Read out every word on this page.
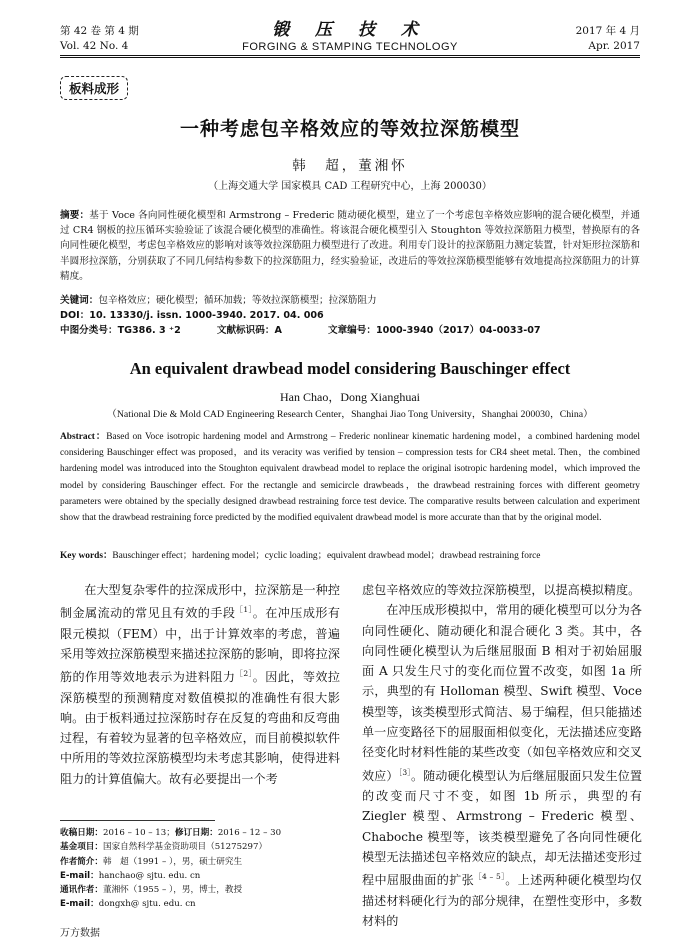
第 42 卷 第 4 期
Vol. 42 No. 4
锻 压 技 术
FORGING & STAMPING TECHNOLOGY
2017 年 4 月
Apr. 2017
板料成形
一种考虑包辛格效应的等效拉深筋模型
韩　超，董湘怀
（上海交通大学 国家模具 CAD 工程研究中心，上海 200030）
摘要：基于 Voce 各向同性硬化模型和 Armstrong – Frederic 随动硬化模型，建立了一个考虑包辛格效应影响的混合硬化模型，并通过 CR4 钢板的拉压循环实验验证了该混合硬化模型的准确性。将该混合硬化模型引入 Stoughton 等效拉深筋阻力模型，替换原有的各向同性硬化模型，考虑包辛格效应的影响对该等效拉深筋阻力模型进行了改进。利用专门设计的拉深筋阻力测定装置，针对矩形拉深筋和半圆形拉深筋，分别获取了不同几何结构参数下的拉深筋阻力，经实验验证，改进后的等效拉深筋模型能够有效地提高拉深筋阻力的计算精度。
关键词：包辛格效应；硬化模型；循环加载；等效拉深筋模型；拉深筋阻力
DOI：10. 13330/j. issn. 1000-3940. 2017. 04. 006
中图分类号：TG386. 3 ⁺2	文献标识码：A	文章编号：1000-3940（2017）04-0033-07
An equivalent drawbead model considering Bauschinger effect
Han Chao，Dong Xianghuai
（National Die & Mold CAD Engineering Research Center，Shanghai Jiao Tong University，Shanghai 200030，China）
Abstract：Based on Voce isotropic hardening model and Armstrong – Frederic nonlinear kinematic hardening model，a combined hardening model considering Bauschinger effect was proposed，and its veracity was verified by tension – compression tests for CR4 sheet metal. Then，the combined hardening model was introduced into the Stoughton equivalent drawbead model to replace the original isotropic hardening model，which improved the model by considering Bauschinger effect. For the rectangle and semicircle drawbeads，the drawbead restraining forces with different geometry parameters were obtained by the specially designed drawbead restraining force test device. The comparative results between calculation and experiment show that the drawbead restraining force predicted by the modified equivalent drawbead model is more accurate than that by the original model.
Key words：Bauschinger effect；hardening model；cyclic loading；equivalent drawbead model；drawbead restraining force

在大型复杂零件的拉深成形中，拉深筋是一种控制金属流动的常见且有效的手段$^{[1]}$。在冲压成形有限元模拟（FEM）中，出于计算效率的考虑，普遍采用等效拉深筋模型来描述拉深筋的影响，即将拉深筋的作用等效地表示为进料阻力$^{[2]}$。因此，等效拉深筋模型的预测精度对数值模拟的准确性有很大影响。由于板料通过拉深筋时存在反复的弯曲和反弯曲过程，有着较为显著的包辛格效应，而目前模拟软件中所用的等效拉深筋模型均未考虑其影响，使得进料阻力的计算值偏大。故有必要提出一个考

虑包辛格效应的等效拉深筋模型，以提高模拟精度。

在冲压成形模拟中，常用的硬化模型可以分为各向同性硬化、随动硬化和混合硬化 3 类。其中，各向同性硬化模型认为后继屈服面 B 相对于初始屈服面 A 只发生尺寸的变化而位置不改变，如图 1a 所示，典型的有 Holloman 模型、Swift 模型、Voce 模型等，该类模型形式简洁、易于编程，但只能描述单一应变路径下的屈服面相似变化，无法描述应变路径变化时材料性能的某些改变（如包辛格效应和交叉效应）$^{[3]}$。随动硬化模型认为后继屈服面只发生位置的改变而尺寸不变，如图 1b 所示，典型的有 Ziegler 模型、Armstrong – Frederic 模型、Chaboche 模型等，该类模型避免了各向同性硬化模型无法描述包辛格效应的缺点，却无法描述变形过程中屈服曲面的扩张$^{[4 - 5]}$。上述两种硬化模型均仅描述材料硬化行为的部分规律，在塑性变形中，多数材料的

收稿日期：2016 – 10 – 13；修订日期：2016 – 12 – 30
基金项目：国家自然科学基金资助项目（51275297）
作者简介：韩　超（1991 – ），男，硕士研究生
E-mail：hanchao@ sjtu. edu. cn
通讯作者：董湘怀（1955 – ），男，博士，教授
E-mail：dongxh@ sjtu. edu. cn
万方数据
